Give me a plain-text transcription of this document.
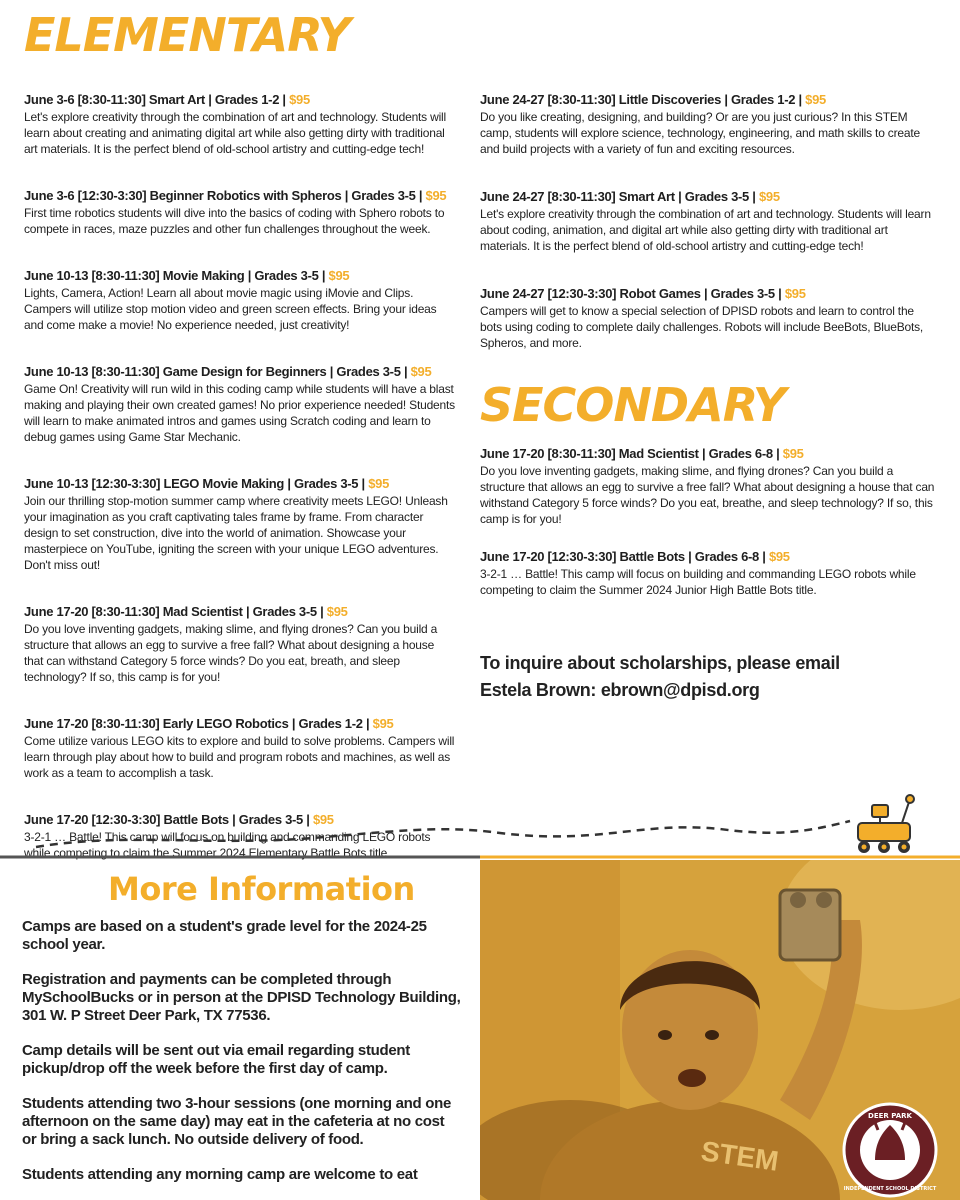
ELEMENTARY
June 3-6 [8:30-11:30] Smart Art | Grades 1-2 | $95
Let's explore creativity through the combination of art and technology. Students will learn about creating and animating digital art while also getting dirty with traditional art materials. It is the perfect blend of old-school artistry and cutting-edge tech!
June 3-6 [12:30-3:30] Beginner Robotics with Spheros | Grades 3-5 | $95
First time robotics students will dive into the basics of coding with Sphero robots to compete in races, maze puzzles and other fun challenges throughout the week.
June 10-13 [8:30-11:30] Movie Making | Grades 3-5 | $95
Lights, Camera, Action! Learn all about movie magic using iMovie and Clips. Campers will utilize stop motion video and green screen effects. Bring your ideas and come make a movie! No experience needed, just creativity!
June 10-13 [8:30-11:30] Game Design for Beginners | Grades 3-5 | $95
Game On! Creativity will run wild in this coding camp while students will have a blast making and playing their own created games! No prior experience needed! Students will learn to make animated intros and games using Scratch coding and learn to debug games using Game Star Mechanic.
June 10-13 [12:30-3:30] LEGO Movie Making | Grades 3-5 | $95
Join our thrilling stop-motion summer camp where creativity meets LEGO! Unleash your imagination as you craft captivating tales frame by frame. From character design to set construction, dive into the world of animation. Showcase your masterpiece on YouTube, igniting the screen with your unique LEGO adventures. Don't miss out!
June 17-20 [8:30-11:30] Mad Scientist | Grades 3-5 | $95
Do you love inventing gadgets, making slime, and flying drones? Can you build a structure that allows an egg to survive a free fall? What about designing a house that can withstand Category 5 force winds? Do you eat, breath, and sleep technology? If so, this camp is for you!
June 17-20 [8:30-11:30] Early LEGO Robotics | Grades 1-2 | $95
Come utilize various LEGO kits to explore and build to solve problems. Campers will learn through play about how to build and program robots and machines, as well as work as a team to accomplish a task.
June 17-20 [12:30-3:30] Battle Bots | Grades 3-5 | $95
3-2-1 … Battle! This camp will focus on building and commanding LEGO robots while competing to claim the Summer 2024 Elementary Battle Bots title.
June 24-27 [8:30-11:30] Little Discoveries | Grades 1-2 | $95
Do you like creating, designing, and building? Or are you just curious? In this STEM camp, students will explore science, technology, engineering, and math skills to create and build projects with a variety of fun and exciting resources.
June 24-27 [8:30-11:30] Smart Art | Grades 3-5 | $95
Let's explore creativity through the combination of art and technology. Students will learn about coding, animation, and digital art while also getting dirty with traditional art materials. It is the perfect blend of old-school artistry and cutting-edge tech!
June 24-27 [12:30-3:30] Robot Games | Grades 3-5 | $95
Campers will get to know a special selection of DPISD robots and learn to control the bots using coding to complete daily challenges. Robots will include BeeBots, BlueBots, Spheros, and more.
SECONDARY
June 17-20 [8:30-11:30] Mad Scientist | Grades 6-8 | $95
Do you love inventing gadgets, making slime, and flying drones? Can you build a structure that allows an egg to survive a free fall? What about designing a house that can withstand Category 5 force winds? Do you eat, breathe, and sleep technology? If so, this camp is for you!
June 17-20 [12:30-3:30] Battle Bots | Grades 6-8 | $95
3-2-1 … Battle! This camp will focus on building and commanding LEGO robots while competing to claim the Summer 2024 Junior High Battle Bots title.
To inquire about scholarships, please email
Estela Brown: ebrown@dpisd.org
More Information
Camps are based on a student's grade level for the 2024-25 school year.
Registration and payments can be completed through MySchoolBucks or in person at the DPISD Technology Building, 301 W. P Street Deer Park, TX 77536.
Camp details will be sent out via email regarding student pickup/drop off the week before the first day of camp.
Students attending two 3-hour sessions (one morning and one afternoon on the same day) may eat in the cafeteria at no cost or bring a sack lunch. No outside delivery of food.
Students attending any morning camp are welcome to eat	STEM
DEER PARK
INDEPENDENT SCHOOL DISTRICT
